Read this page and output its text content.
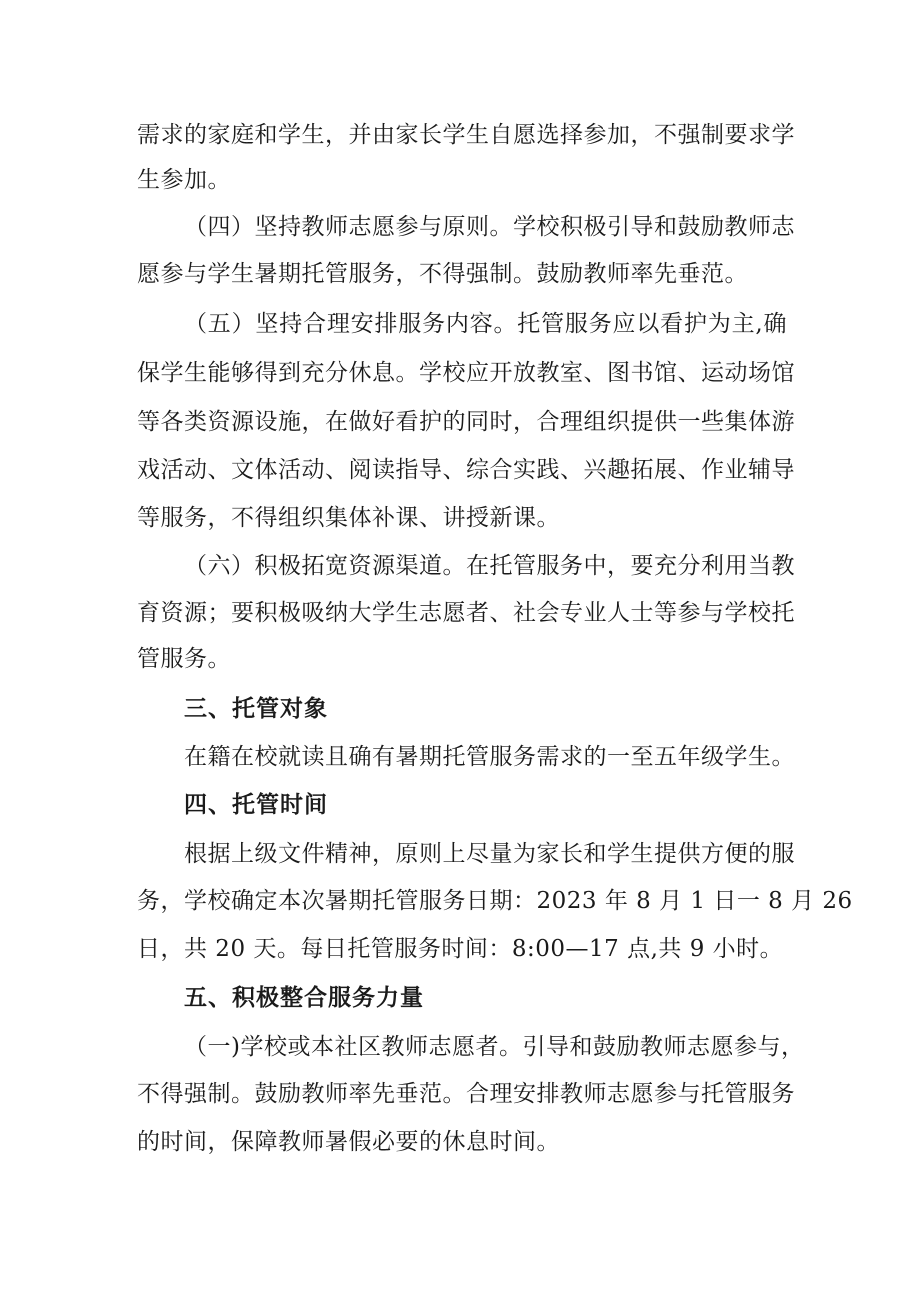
需求的家庭和学生，并由家长学生自愿选择参加，不强制要求学
生参加。
（四）坚持教师志愿参与原则。学校积极引导和鼓励教师志
愿参与学生暑期托管服务，不得强制。鼓励教师率先垂范。
（五）坚持合理安排服务内容。托管服务应以看护为主,确
保学生能够得到充分休息。学校应开放教室、图书馆、运动场馆
等各类资源设施，在做好看护的同时，合理组织提供一些集体游
戏活动、文体活动、阅读指导、综合实践、兴趣拓展、作业辅导
等服务，不得组织集体补课、讲授新课。
（六）积极拓宽资源渠道。在托管服务中，要充分利用当教
育资源；要积极吸纳大学生志愿者、社会专业人士等参与学校托
管服务。
三、托管对象
在籍在校就读且确有暑期托管服务需求的一至五年级学生。
四、托管时间
根据上级文件精神，原则上尽量为家长和学生提供方便的服
务，学校确定本次暑期托管服务日期：2023 年 8 月 1 日一 8 月 26
日，共 20 天。每日托管服务时间：8:00—17 点,共 9 小时。
五、积极整合服务力量
（一)学校或本社区教师志愿者。引导和鼓励教师志愿参与，
不得强制。鼓励教师率先垂范。合理安排教师志愿参与托管服务
的时间，保障教师暑假必要的休息时间。
